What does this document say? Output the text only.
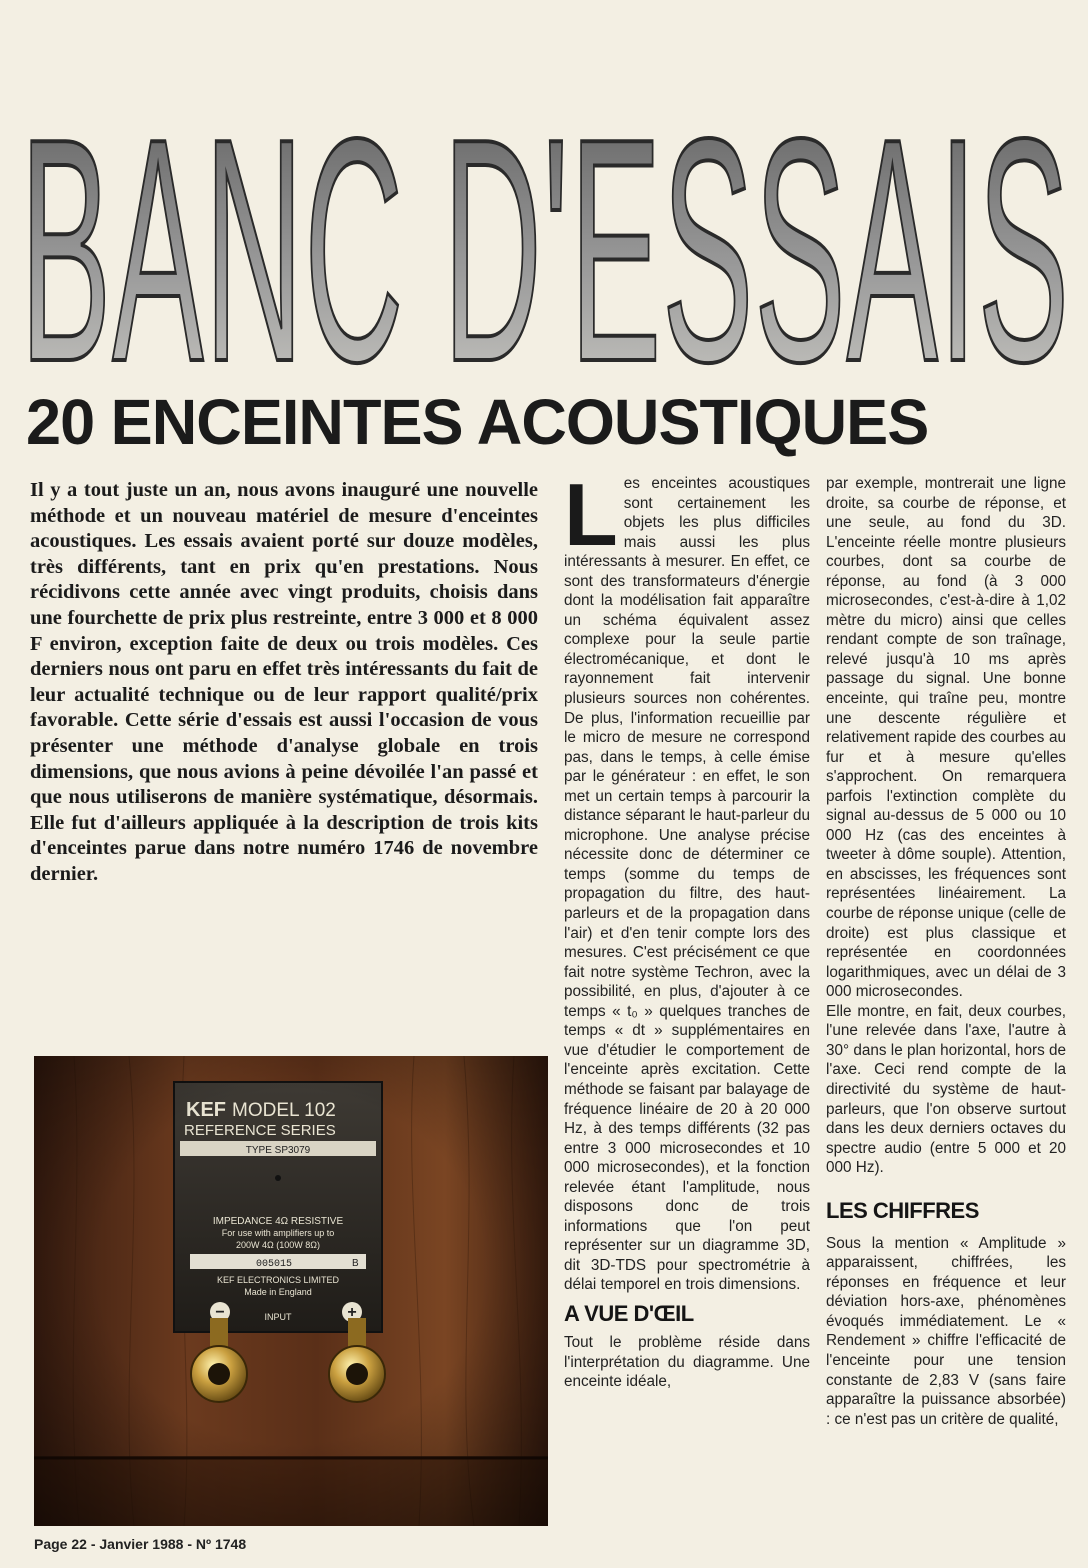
BANC D'ESSAIS
20 ENCEINTES ACOUSTIQUES
Il y a tout juste un an, nous avons inauguré une nouvelle méthode et un nouveau matériel de mesure d'enceintes acoustiques. Les essais avaient porté sur douze modèles, très différents, tant en prix qu'en prestations. Nous récidivons cette année avec vingt produits, choisis dans une fourchette de prix plus restreinte, entre 3 000 et 8 000 F environ, exception faite de deux ou trois modèles. Ces derniers nous ont paru en effet très intéressants du fait de leur actualité technique ou de leur rapport qualité/prix favorable. Cette série d'essais est aussi l'occasion de vous présenter une méthode d'analyse globale en trois dimensions, que nous avions à peine dévoilée l'an passé et que nous utiliserons de manière systématique, désormais. Elle fut d'ailleurs appliquée à la description de trois kits d'enceintes parue dans notre numéro 1746 de novembre dernier.

Les enceintes acoustiques sont certainement les objets les plus difficiles mais aussi les plus intéressants à mesurer. En effet, ce sont des transformateurs d'énergie dont la modélisation fait apparaître un schéma équivalent assez complexe pour la seule partie électromécanique, et dont le rayonnement fait intervenir plusieurs sources non cohérentes. De plus, l'information recueillie par le micro de mesure ne correspond pas, dans le temps, à celle émise par le générateur : en effet, le son met un certain temps à parcourir la distance séparant le haut-parleur du microphone. Une analyse précise nécessite donc de déterminer ce temps (somme du temps de propagation du filtre, des haut-parleurs et de la propagation dans l'air) et d'en tenir compte lors des mesures. C'est précisément ce que fait notre système Techron, avec la possibilité, en plus, d'ajouter à ce temps « t₀ » quelques tranches de temps « dt » supplémentaires en vue d'étudier le comportement de l'enceinte après excitation. Cette méthode se faisant par balayage de fréquence linéaire de 20 à 20 000 Hz, à des temps différents (32 pas entre 3 000 microsecondes et 10 000 microsecondes), et la fonction relevée étant l'amplitude, nous disposons donc de trois informations que l'on peut représenter sur un diagramme 3D, dit 3D-TDS pour spectrométrie à délai temporel en trois dimensions.

A VUE D'ŒIL

Tout le problème réside dans l'interprétation du diagramme. Une enceinte idéale,

par exemple, montrerait une ligne droite, sa courbe de réponse, et une seule, au fond du 3D. L'enceinte réelle montre plusieurs courbes, dont sa courbe de réponse, au fond (à 3 000 microsecondes, c'est-à-dire à 1,02 mètre du micro) ainsi que celles rendant compte de son traînage, relevé jusqu'à 10 ms après passage du signal. Une bonne enceinte, qui traîne peu, montre une descente régulière et relativement rapide des courbes au fur et à mesure qu'elles s'approchent. On remarquera parfois l'extinction complète du signal au-dessus de 5 000 ou 10 000 Hz (cas des enceintes à tweeter à dôme souple). Attention, en abscisses, les fréquences sont représentées linéairement. La courbe de réponse unique (celle de droite) est plus classique et représentée en coordonnées logarithmiques, avec un délai de 3 000 microsecondes.

Elle montre, en fait, deux courbes, l'une relevée dans l'axe, l'autre à 30° dans le plan horizontal, hors de l'axe. Ceci rend compte de la directivité du système de haut-parleurs, que l'on observe surtout dans les deux derniers octaves du spectre audio (entre 5 000 et 20 000 Hz).

LES CHIFFRES

Sous la mention « Amplitude » apparaissent, chiffrées, les réponses en fréquence et leur déviation hors-axe, phénomènes évoqués immédiatement. Le « Rendement » chiffre l'efficacité de l'enceinte pour une tension constante de 2,83 V (sans faire apparaître la puissance absorbée) : ce n'est pas un critère de qualité,

Page 22 - Janvier 1988 - Nº 1748
